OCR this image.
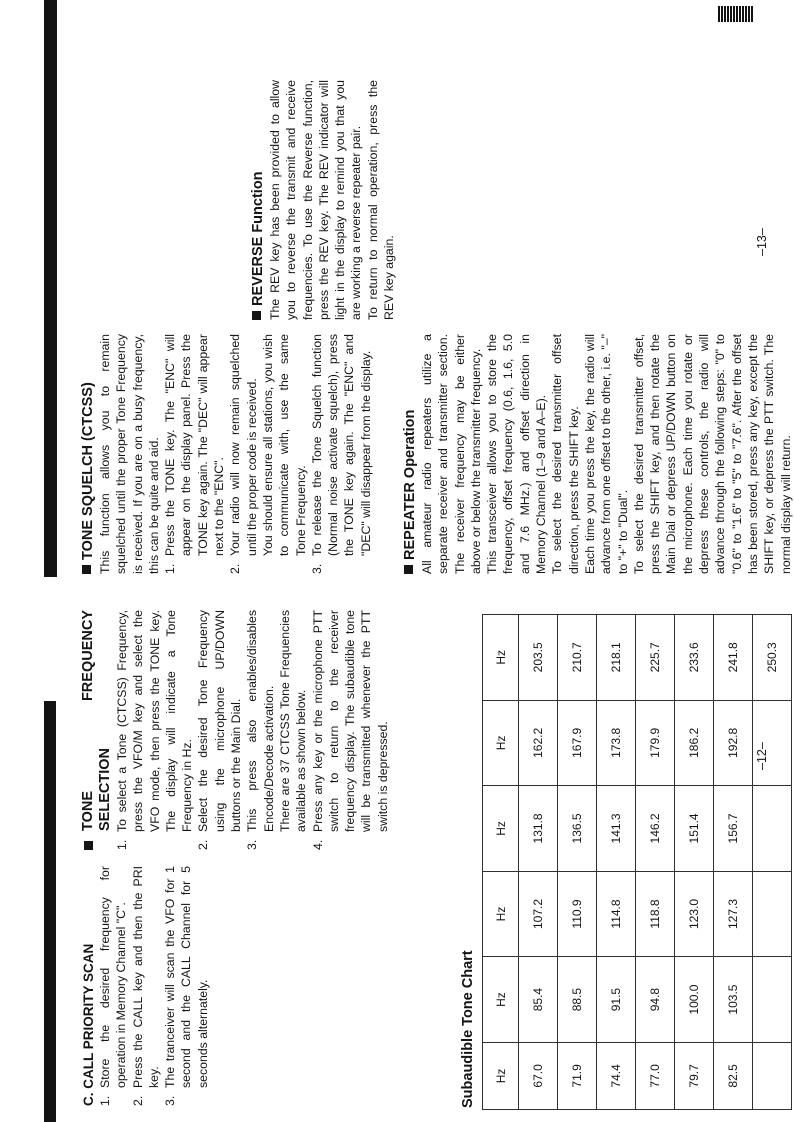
C. CALL PRIORITY SCAN 1.
Store the desired frequency for operation in Memory Channel "C".
2.
Press the CALL key and then the PRI key.
3.
The tranceiver will scan the VFO for 1 second and the CALL Channel for 5 seconds alternately.

TONE FREQUENCY SELECTION

1.
To select a Tone (CTCSS) Frequency, press the VFO/M key and select the VFO mode, then press the TONE key. The display will indicate a Tone Frequency in Hz.
2.
Select the desired Tone Frequency using the microphone UP/DOWN buttons or the Main Dial.
3.
This press also enables/disables Encode/Decode activation. There are 37 CTCSS Tone Frequencies available as shown below.
4.
Press any key or the microphone PTT switch to return to the receiver frequency display. The subaudible tone will be transmitted whenever the PTT switch is depressed.
Subaudible Tone Chart Hz	Hz	Hz	Hz	Hz	Hz
67.0	85.4	107.2	131.8	162.2	203.5
71.9	88.5	110.9	136.5	167.9	210.7
74.4	91.5	114.8	141.3	173.8	218.1
77.0	94.8	118.8	146.2	179.9	225.7
79.7	100.0	123.0	151.4	186.2	233.6
82.5	103.5	127.3	156.7	192.8	241.8
					250.3
–12–

TONE SQUELCH (CTCSS) This function allows you to remain squelched until the proper Tone Frequency is received. If you are on a busy frequency, this can be quite and aid. 1.
Press the TONE key. The "ENC" will appear on the display panel. Press the TONE key again. The "DEC" will appear next to the "ENC".
2.
Your radio will now remain squelched until the proper code is received. You should ensure all stations, you wish to communicate with, use the same Tone Frequency.
3.
To release the Tone Squelch function (Normal noise activate squelch), press the TONE key again. The "ENC" and "DEC" will disappear from the display. REPEATER Operation All amateur radio repeaters utilize a separate receiver and transmitter section. The receiver frequency may be either above or below the transmitter frequency. This transceiver allows you to store the frequency, offset frequency (0.6, 1.6, 5.0 and 7.6 MHz.) and offset direction in Memory Channel (1–9 and A–E). To select the desired transmitter offset direction, press the SHIFT key. Each time you press the key, the radio will advance from one offset to the other, i.e. "–" to "+" to "Dual". To select the desired transmitter offset, press the SHIFT key, and then rotate the Main Dial or depress UP/DOWN button on the microphone. Each time you rotate or depress these controls, the radio will advance through the following steps: "0" to "0.6" to "1.6" to "5" to "7.6". After the offset has been stored, press any key, except the SHIFT key, or depress the PTT switch. The normal display will return.

REVERSE Function The REV key has been provided to allow you to reverse the transmit and receive frequencies. To use the Reverse function, press the REV key. The REV indicator will light in the display to remind you that you are working a reverse repeater pair. To return to normal operation, press the REV key again.	–13–
